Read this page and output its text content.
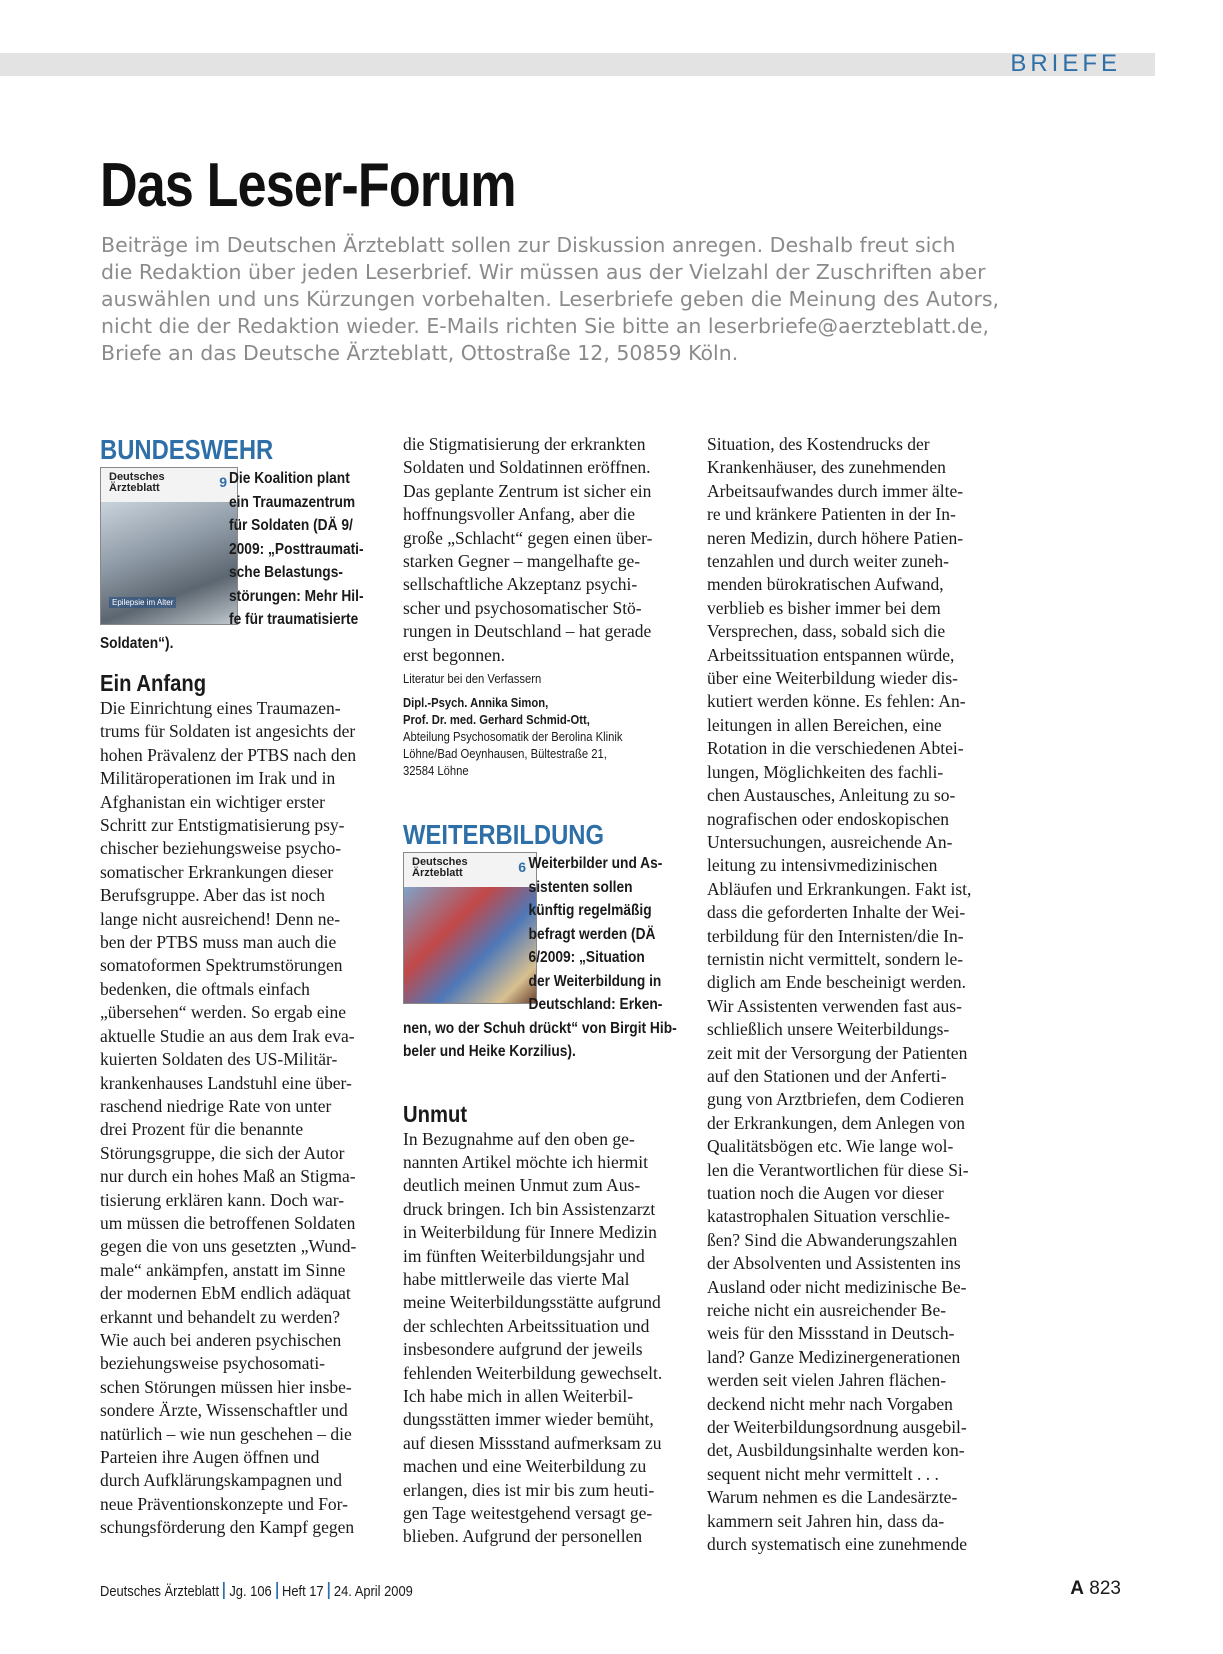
BRIEFE
Das Leser-Forum
Beiträge im Deutschen Ärzteblatt sollen zur Diskussion anregen. Deshalb freut sich
die Redaktion über jeden Leserbrief. Wir müssen aus der Vielzahl der Zuschriften aber
auswählen und uns Kürzungen vorbehalten. Leserbriefe geben die Meinung des Autors,
nicht die der Redaktion wieder. E-Mails richten Sie bitte an leserbriefe@aerzteblatt.de,
Briefe an das Deutsche Ärzteblatt, Ottostraße 12, 50859 Köln.
BUNDESWEHR
Deutsches
Ärzteblatt	9
Epilepsie im Alter
Die Koalition plant
ein Traumazentrum
für Soldaten (DÄ 9/
2009: „Posttraumati-
sche Belastungs-
störungen: Mehr Hil-
fe für traumatisierte
Soldaten“).
Ein Anfang
Die Einrichtung eines Traumazen-
trums für Soldaten ist angesichts der
hohen Prävalenz der PTBS nach den
Militäroperationen im Irak und in
Afghanistan ein wichtiger erster
Schritt zur Entstigmatisierung psy-
chischer beziehungsweise psycho-
somatischer Erkrankungen dieser
Berufsgruppe. Aber das ist noch
lange nicht ausreichend! Denn ne-
ben der PTBS muss man auch die
somatoformen Spektrumstörungen
bedenken, die oftmals einfach
„übersehen“ werden. So ergab eine
aktuelle Studie an aus dem Irak eva-
kuierten Soldaten des US-Militär-
krankenhauses Landstuhl eine über-
raschend niedrige Rate von unter
drei Prozent für die benannte
Störungsgruppe, die sich der Autor
nur durch ein hohes Maß an Stigma-
tisierung erklären kann. Doch war-
um müssen die betroffenen Soldaten
gegen die von uns gesetzten „Wund-
male“ ankämpfen, anstatt im Sinne
der modernen EbM endlich adäquat
erkannt und behandelt zu werden?
Wie auch bei anderen psychischen
beziehungsweise psychosomati-
schen Störungen müssen hier insbe-
sondere Ärzte, Wissenschaftler und
natürlich – wie nun geschehen – die
Parteien ihre Augen öffnen und
durch Aufklärungskampagnen und
neue Präventionskonzepte und For-
schungsförderung den Kampf gegen
die Stigmatisierung der erkrankten
Soldaten und Soldatinnen eröffnen.
Das geplante Zentrum ist sicher ein
hoffnungsvoller Anfang, aber die
große „Schlacht“ gegen einen über-
starken Gegner – mangelhafte ge-
sellschaftliche Akzeptanz psychi-
scher und psychosomatischer Stö-
rungen in Deutschland – hat gerade
erst begonnen.
Literatur bei den Verfassern
Dipl.-Psych. Annika Simon,
Prof. Dr. med. Gerhard Schmid-Ott,
Abteilung Psychosomatik der Berolina Klinik
Löhne/Bad Oeynhausen, Bültestraße 21,
32584 Löhne
WEITERBILDUNG
Deutsches
Ärzteblatt	6 Weiterbilder und As-
sistenten sollen
künftig regelmäßig
befragt werden (DÄ
6/2009: „Situation
der Weiterbildung in
Deutschland: Erken-
nen, wo der Schuh drückt“ von Birgit Hib-
beler und Heike Korzilius).
Unmut
In Bezugnahme auf den oben ge-
nannten Artikel möchte ich hiermit
deutlich meinen Unmut zum Aus-
druck bringen. Ich bin Assistenzarzt
in Weiterbildung für Innere Medizin
im fünften Weiterbildungsjahr und
habe mittlerweile das vierte Mal
meine Weiterbildungsstätte aufgrund
der schlechten Arbeitssituation und
insbesondere aufgrund der jeweils
fehlenden Weiterbildung gewechselt.
Ich habe mich in allen Weiterbil-
dungsstätten immer wieder bemüht,
auf diesen Missstand aufmerksam zu
machen und eine Weiterbildung zu
erlangen, dies ist mir bis zum heuti-
gen Tage weitestgehend versagt ge-
blieben. Aufgrund der personellen
Situation, des Kostendrucks der
Krankenhäuser, des zunehmenden
Arbeitsaufwandes durch immer älte-
re und kränkere Patienten in der In-
neren Medizin, durch höhere Patien-
tenzahlen und durch weiter zuneh-
menden bürokratischen Aufwand,
verblieb es bisher immer bei dem
Versprechen, dass, sobald sich die
Arbeitssituation entspannen würde,
über eine Weiterbildung wieder dis-
kutiert werden könne. Es fehlen: An-
leitungen in allen Bereichen, eine
Rotation in die verschiedenen Abtei-
lungen, Möglichkeiten des fachli-
chen Austausches, Anleitung zu so-
nografischen oder endoskopischen
Untersuchungen, ausreichende An-
leitung zu intensivmedizinischen
Abläufen und Erkrankungen. Fakt ist,
dass die geforderten Inhalte der Wei-
terbildung für den Internisten/die In-
ternistin nicht vermittelt, sondern le-
diglich am Ende bescheinigt werden.
Wir Assistenten verwenden fast aus-
schließlich unsere Weiterbildungs-
zeit mit der Versorgung der Patienten
auf den Stationen und der Anferti-
gung von Arztbriefen, dem Codieren
der Erkrankungen, dem Anlegen von
Qualitätsbögen etc. Wie lange wol-
len die Verantwortlichen für diese Si-
tuation noch die Augen vor dieser
katastrophalen Situation verschlie-
ßen? Sind die Abwanderungszahlen
der Absolventen und Assistenten ins
Ausland oder nicht medizinische Be-
reiche nicht ein ausreichender Be-
weis für den Missstand in Deutsch-
land? Ganze Medizinergenerationen
werden seit vielen Jahren flächen-
deckend nicht mehr nach Vorgaben
der Weiterbildungsordnung ausgebil-
det, Ausbildungsinhalte werden kon-
sequent nicht mehr vermittelt . . .
Warum nehmen es die Landesärzte-
kammern seit Jahren hin, dass da-
durch systematisch eine zunehmende
Deutsches Ärzteblatt Jg. 106 Heft 17 24. April 2009	A 823
